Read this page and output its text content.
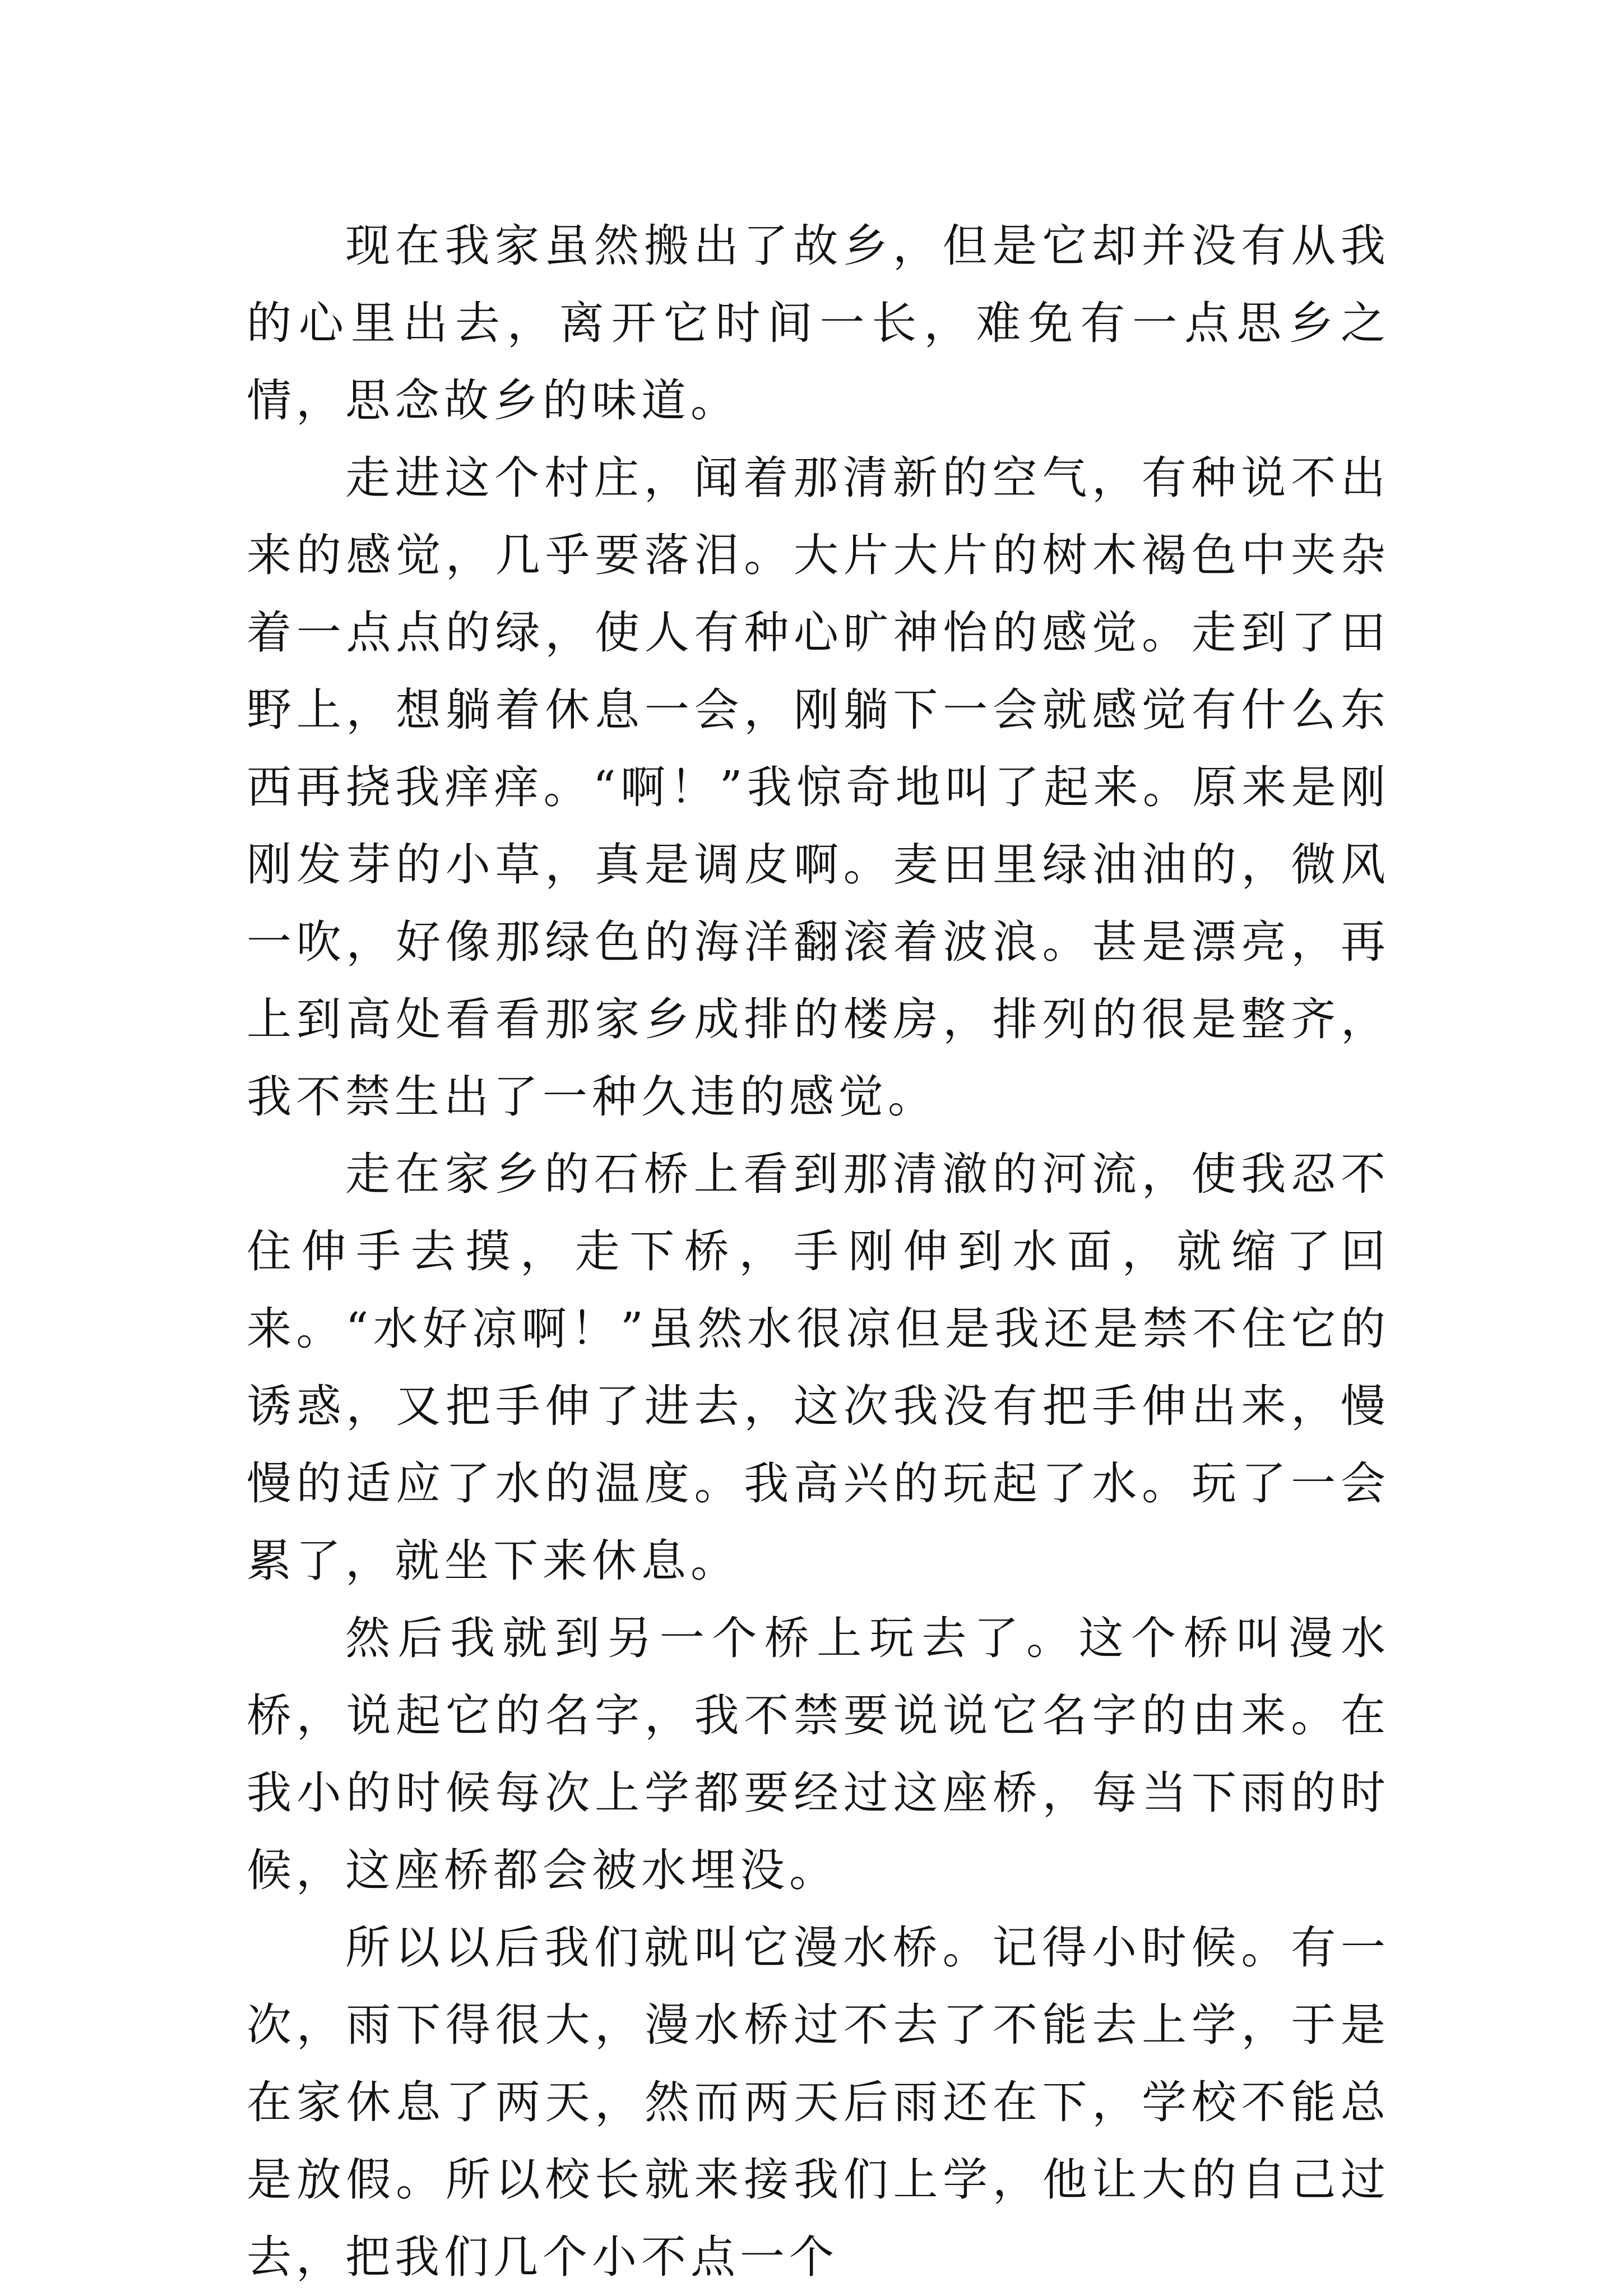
现在我家虽然搬出了故乡，但是它却并没有从我的心里出去，离开它时间一长，难免有一点思乡之情，思念故乡的味道。

走进这个村庄，闻着那清新的空气，有种说不出来的感觉，几乎要落泪。大片大片的树木褐色中夹杂着一点点的绿，使人有种心旷神怡的感觉。走到了田野上，想躺着休息一会，刚躺下一会就感觉有什么东西再挠我痒痒。“啊！”我惊奇地叫了起来。原来是刚刚发芽的小草，真是调皮啊。麦田里绿油油的，微风一吹，好像那绿色的海洋翻滚着波浪。甚是漂亮，再上到高处看看那家乡成排的楼房，排列的很是整齐，我不禁生出了一种久违的感觉。

走在家乡的石桥上看到那清澈的河流，使我忍不住伸手去摸，走下桥，手刚伸到水面，就缩了回来。“水好凉啊！”虽然水很凉但是我还是禁不住它的诱惑，又把手伸了进去，这次我没有把手伸出来，慢慢的适应了水的温度。我高兴的玩起了水。玩了一会累了，就坐下来休息。

然后我就到另一个桥上玩去了。这个桥叫漫水桥，说起它的名字，我不禁要说说它名字的由来。在我小的时候每次上学都要经过这座桥，每当下雨的时候，这座桥都会被水埋没。

所以以后我们就叫它漫水桥。记得小时候。有一次，雨下得很大，漫水桥过不去了不能去上学，于是在家休息了两天，然而两天后雨还在下，学校不能总是放假。所以校长就来接我们上学，他让大的自己过去，把我们几个小不点一个
